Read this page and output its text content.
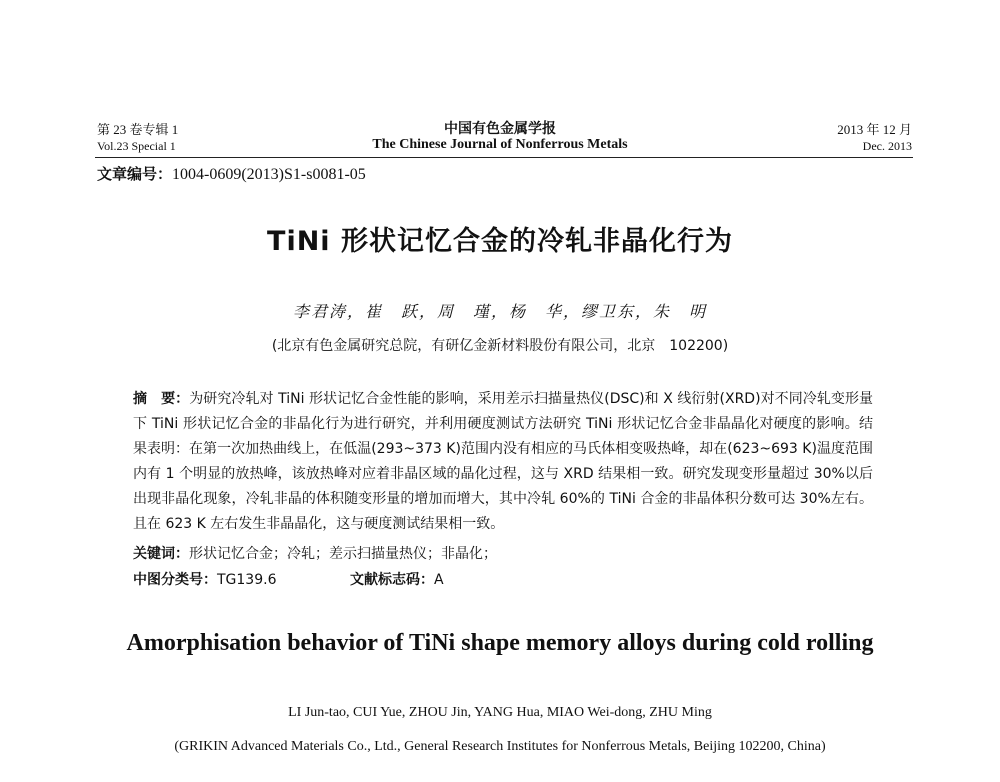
第 23 卷专辑 1
Vol.23 Special 1
中国有色金属学报
The Chinese Journal of Nonferrous Metals
2013 年 12 月
Dec. 2013
文章编号：1004-0609(2013)S1-s0081-05
TiNi 形状记忆合金的冷轧非晶化行为
李君涛，崔　跃，周　瑾，杨　华，缪卫东，朱　明
(北京有色金属研究总院，有研亿金新材料股份有限公司，北京　102200)
摘　要：为研究冷轧对 TiNi 形状记忆合金性能的影响，采用差示扫描量热仪(DSC)和 X 线衍射(XRD)对不同冷轧变形量下 TiNi 形状记忆合金的非晶化行为进行研究，并利用硬度测试方法研究 TiNi 形状记忆合金非晶晶化对硬度的影响。结果表明：在第一次加热曲线上，在低温(293~373 K)范围内没有相应的马氏体相变吸热峰，却在(623~693 K)温度范围内有 1 个明显的放热峰，该放热峰对应着非晶区域的晶化过程，这与 XRD 结果相一致。研究发现变形量超过 30%以后出现非晶化现象，冷轧非晶的体积随变形量的增加而增大，其中冷轧 60%的 TiNi 合金的非晶体积分数可达 30%左右。且在 623 K 左右发生非晶晶化，这与硬度测试结果相一致。
关键词：形状记忆合金；冷轧；差示扫描量热仪；非晶化；
中图分类号：TG139.6	文献标志码：A
Amorphisation behavior of TiNi shape memory alloys during cold rolling
LI Jun-tao, CUI Yue, ZHOU Jin, YANG Hua, MIAO Wei-dong, ZHU Ming
(GRIKIN Advanced Materials Co., Ltd., General Research Institutes for Nonferrous Metals, Beijing 102200, China)
